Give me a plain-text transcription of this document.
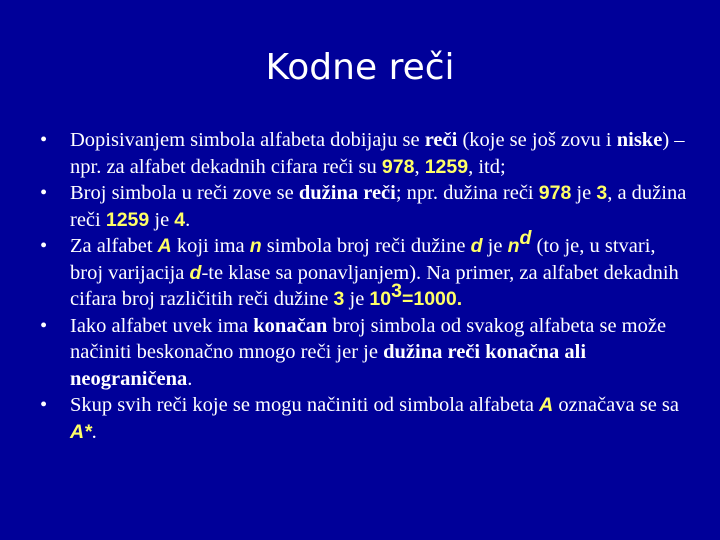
Kodne reči
•	Dopisivanjem simbola alfabeta dobijaju se reči (koje se još zovu i niske) – npr. za alfabet dekadnih cifara reči su 978, 1259, itd;
•	Broj simbola u reči zove se dužina reči; npr. dužina reči 978 je 3, a dužina reči 1259 je 4.
•	Za alfabet A koji ima n simbola broj reči dužine d je $n^d$ (to je, u stvari, broj varijacija d-te klase sa ponavljanjem). Na primer, za alfabet dekadnih cifara broj različitih reči dužine 3 je $10^3=1000$.
•	Iako alfabet uvek ima konačan broj simbola od svakog alfabeta se može načiniti beskonačno mnogo reči jer je dužina reči konačna ali neograničena.
•	Skup svih reči koje se mogu načiniti od simbola alfabeta A označava se sa A*.
